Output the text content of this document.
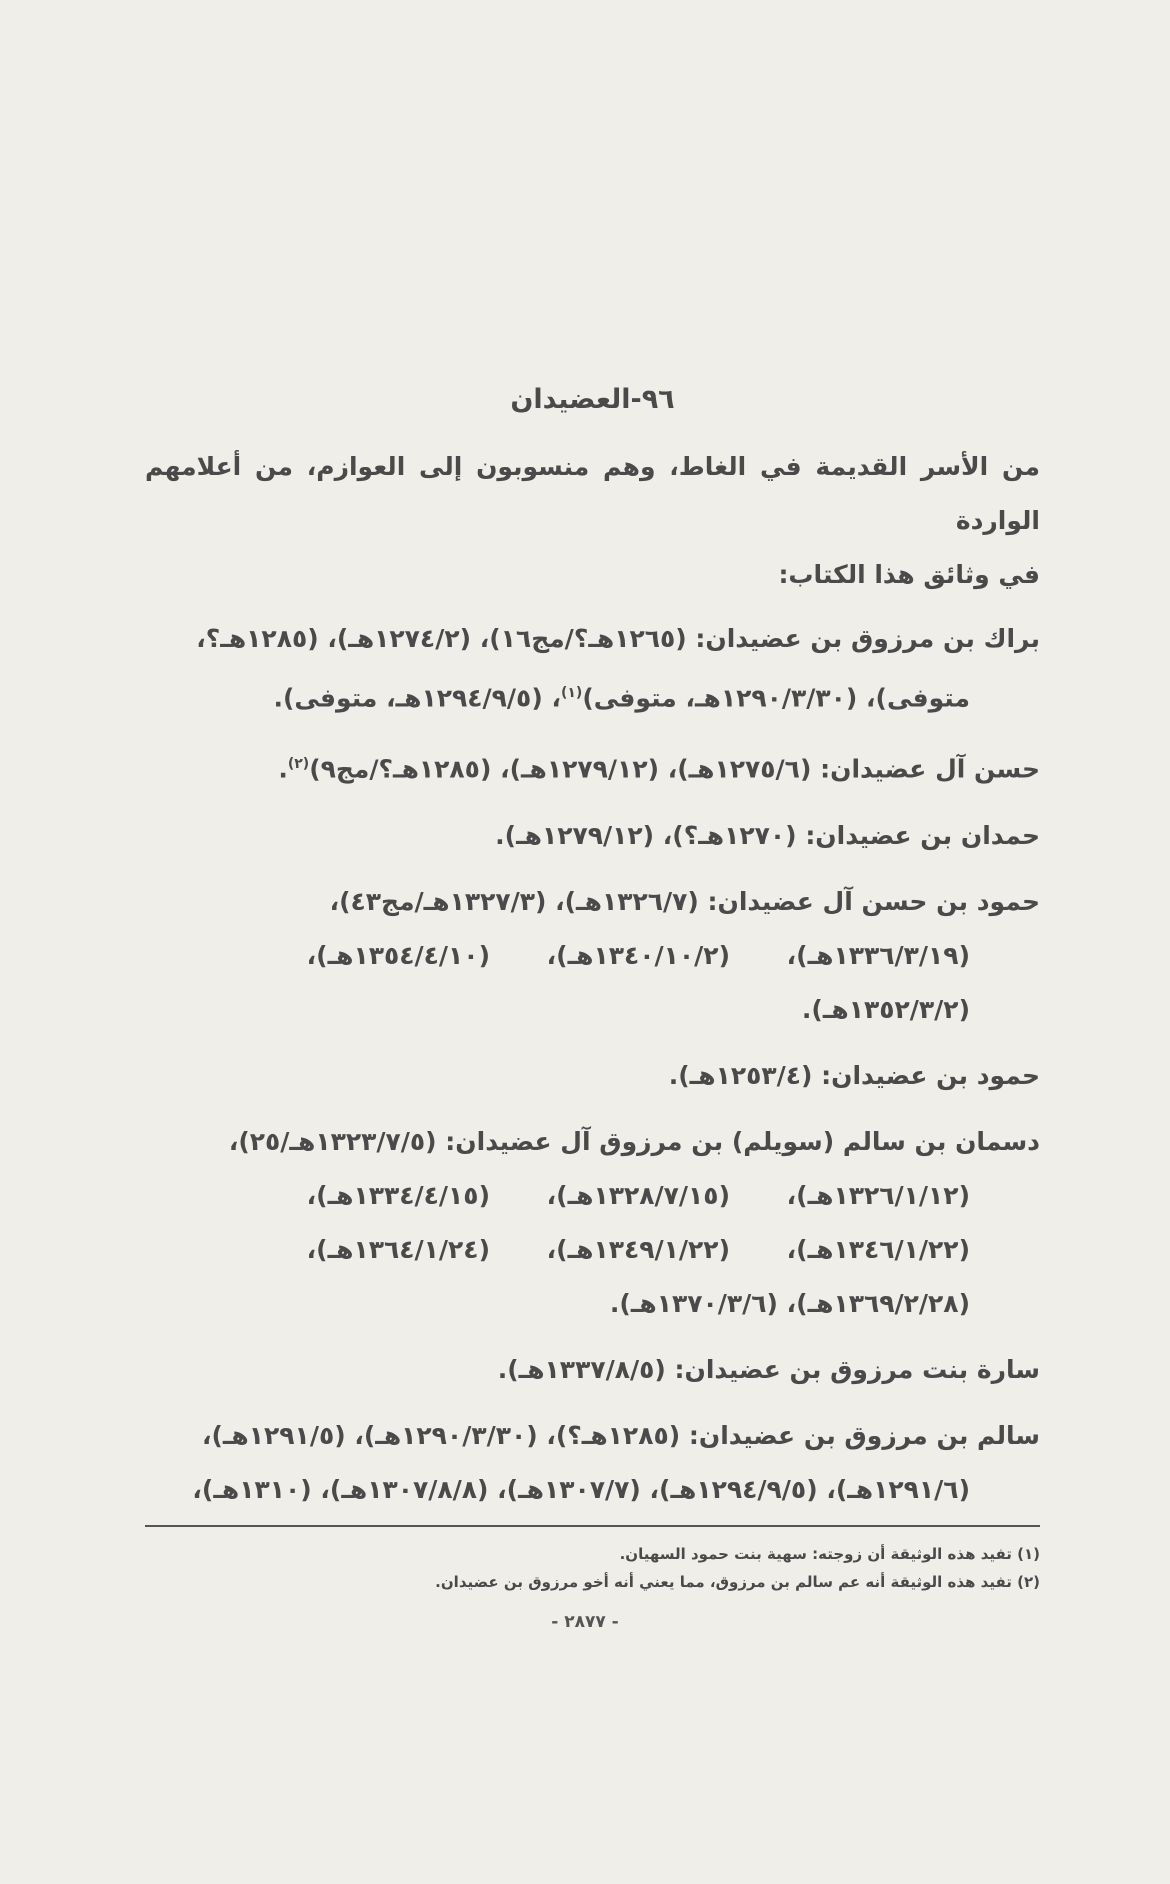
٩٦-العضيدان
من الأسر القديمة في الغاط، وهم منسوبون إلى العوازم، من أعلامهم الواردة
في وثائق هذا الكتاب:
براك بن مرزوق بن عضيدان: (١٢٦٥هـ؟/مج١٦)، (١٢٧٤/٢هـ)، (١٢٨٥هـ؟،
متوفى)، (١٢٩٠/٣/٣٠هـ، متوفى)$^{(١)}$، (١٢٩٤/٩/٥هـ، متوفى).
حسن آل عضيدان: (١٢٧٥/٦هـ)، (١٢٧٩/١٢هـ)، (١٢٨٥هـ؟/مج٩)$^{(٢)}$.
حمدان بن عضيدان: (١٢٧٠هـ؟)، (١٢٧٩/١٢هـ).
حمود بن حسن آل عضيدان: (١٣٢٦/٧هـ)، (١٣٢٧/٣هـ/مج٤٣)،
(١٣٣٦/٣/١٩هـ)،
(١٣٤٠/١٠/٢هـ)،
(١٣٥٤/٤/١٠هـ)،
(١٣٥٢/٣/٢هـ).
حمود بن عضيدان: (١٢٥٣/٤هـ).
دسمان بن سالم (سويلم) بن مرزوق آل عضيدان: (١٣٢٣/٧/٥هـ/٢٥)،
(١٣٢٦/١/١٢هـ)،
(١٣٢٨/٧/١٥هـ)،
(١٣٣٤/٤/١٥هـ)،
(١٣٤٦/١/٢٢هـ)،
(١٣٤٩/١/٢٢هـ)،
(١٣٦٤/١/٢٤هـ)،
(١٣٦٩/٢/٢٨هـ)، (١٣٧٠/٣/٦هـ).
سارة بنت مرزوق بن عضيدان: (١٣٣٧/٨/٥هـ).
سالم بن مرزوق بن عضيدان: (١٢٨٥هـ؟)، (١٢٩٠/٣/٣٠هـ)، (١٢٩١/٥هـ)،
(١٢٩١/٦هـ)، (١٢٩٤/٩/٥هـ)، (١٣٠٧/٧هـ)، (١٣٠٧/٨/٨هـ)، (١٣١٠هـ)،
(١) تفيد هذه الوثيقة أن زوجته: سهية بنت حمود السهيان.
(٢) تفيد هذه الوثيقة أنه عم سالم بن مرزوق، مما يعني أنه أخو مرزوق بن عضيدان.
- ٢٨٧٧ -
